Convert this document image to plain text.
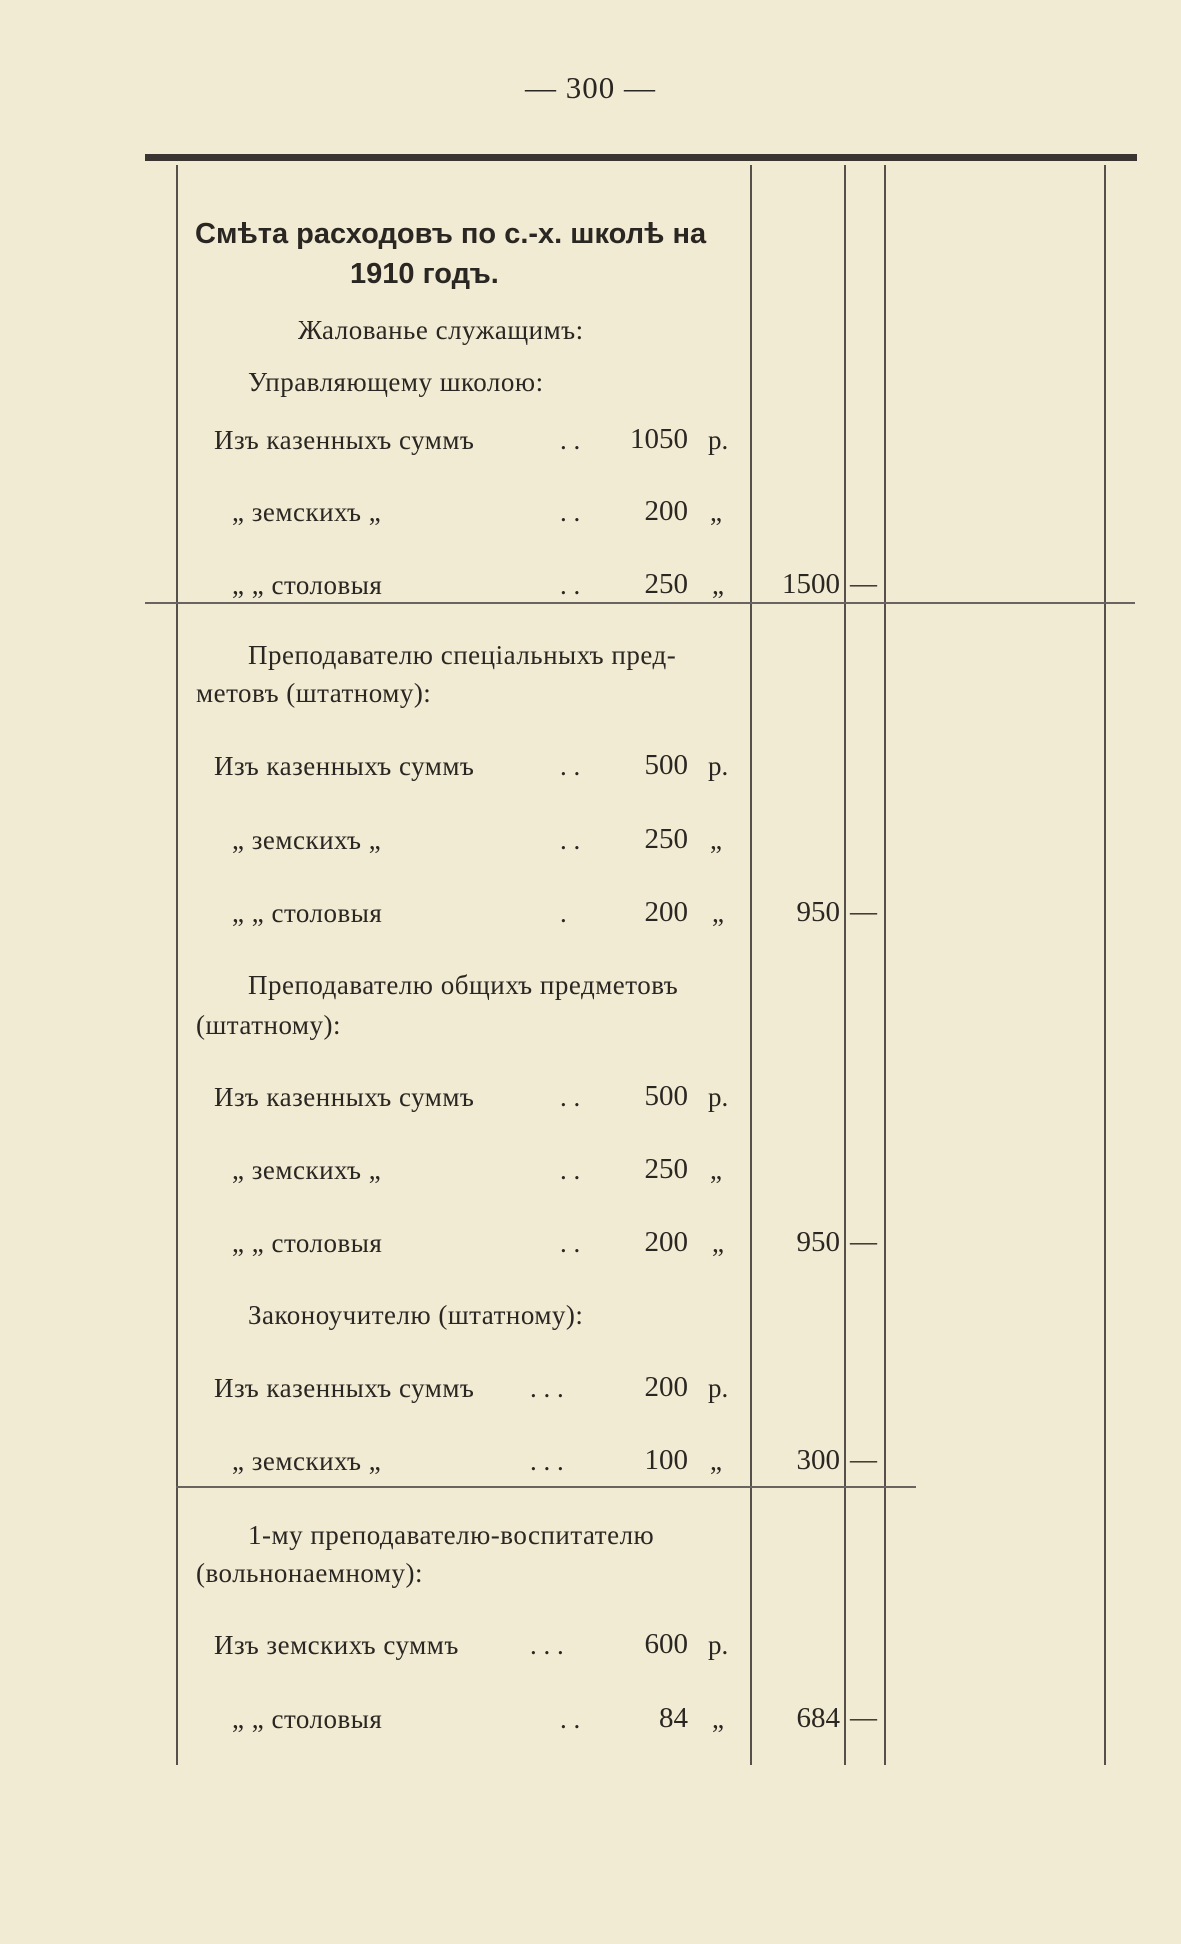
— 300 —
Смѣта расходовъ по с.-х. школѣ на
1910 годъ.
Жалованье служащимъ:
Управляющему школою:
Изъ казенныхъ суммъ	. .	1050 р.
„ земскихъ „	. .	200 „
„ „ столовыя	. .	250 „	1500 —
Преподавателю спеціальныхъ пред-
метовъ (штатному):
Изъ казенныхъ суммъ	. .	500 р.
„ земскихъ „	. .	250 „
„ „ столовыя	.	200 „	950 —
Преподавателю общихъ предметовъ
(штатному):
Изъ казенныхъ суммъ	. .	500 р.
„ земскихъ „	. .	250 „
„ „ столовыя	. .	200 „	950 —
Законоучителю (штатному):
Изъ казенныхъ суммъ . . .	200 р.
„ земскихъ „	. . .	100 „	300 —
1-му преподавателю-воспитателю
(вольнонаемному):
Изъ земскихъ суммъ	. . .	600 р.
„ „ столовыя	. .	84 „	684 —
